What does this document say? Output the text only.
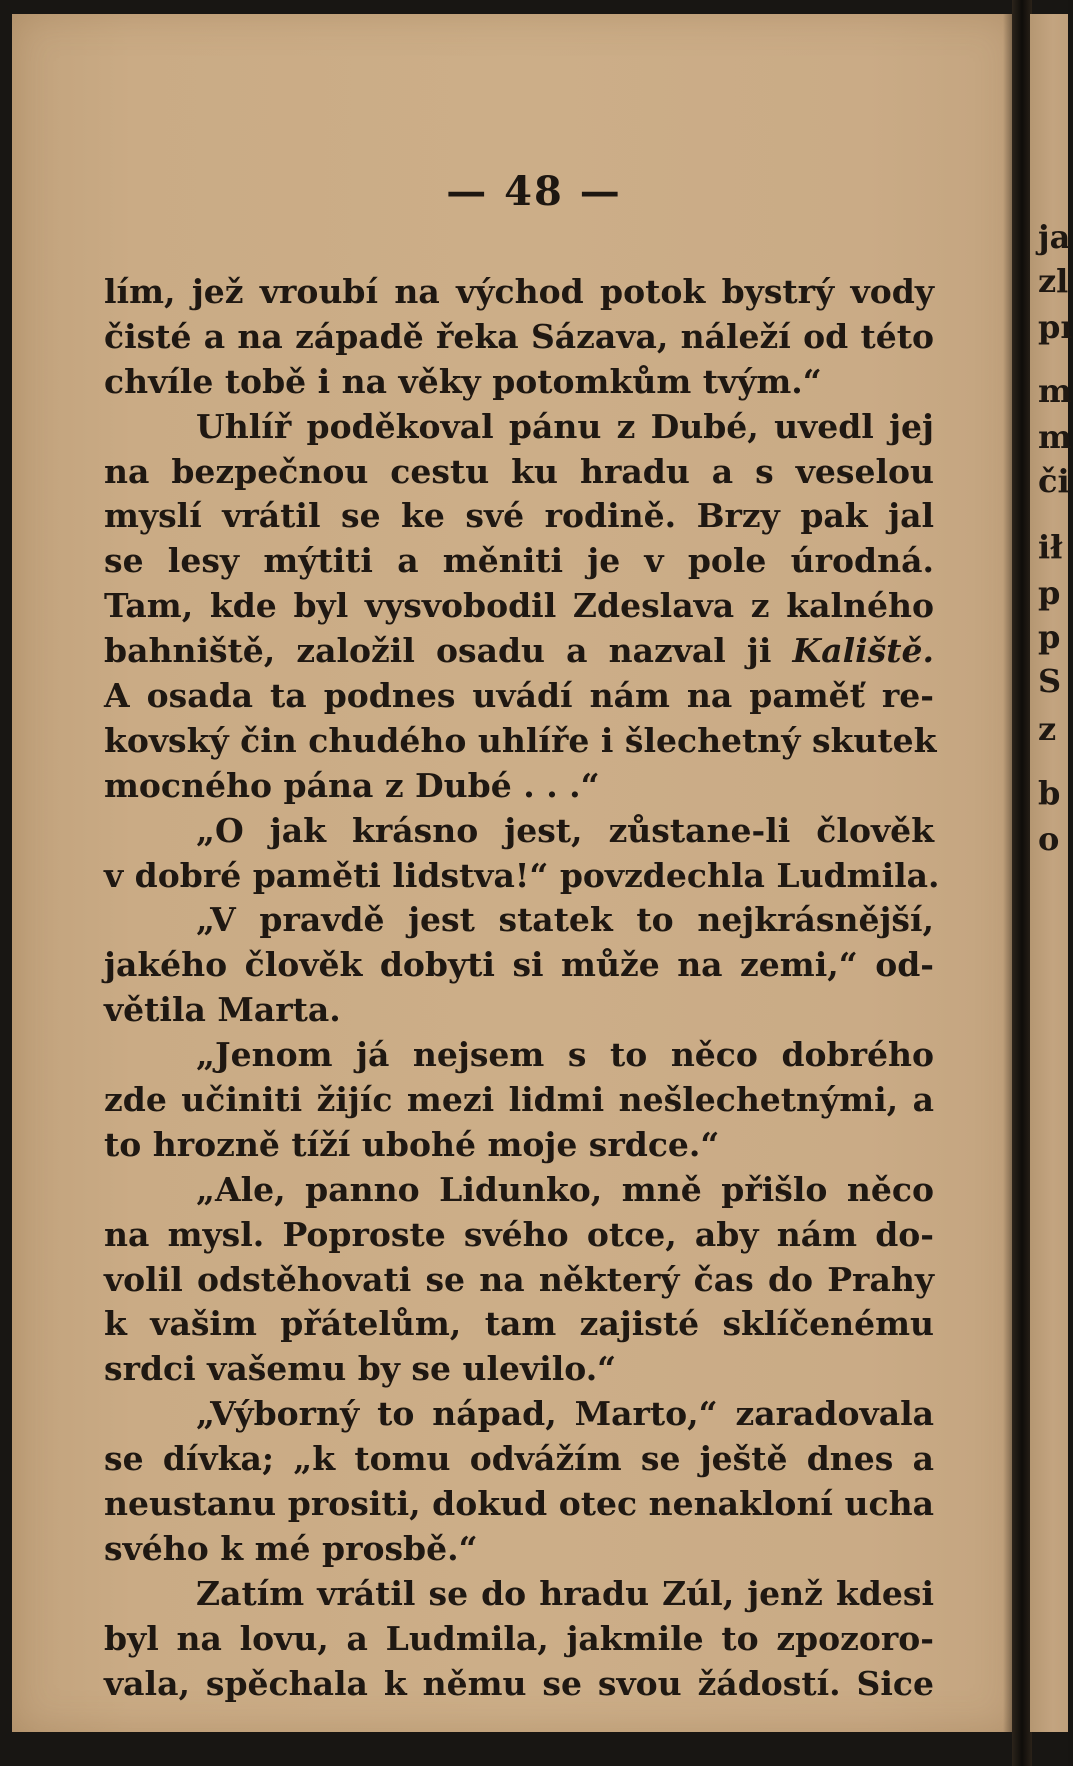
ja
zl
pı
m
m
či
ił
p
p
S
z
b
o
— 48 —
lím, jež vroubí na východ potok bystrý vody
čisté a na západě řeka Sázava, náleží od této
chvíle tobě i na věky potomkům tvým.“
Uhlíř poděkoval pánu z Dubé, uvedl jej
na bezpečnou cestu ku hradu a s veselou
myslí vrátil se ke své rodině. Brzy pak jal
se lesy mýtiti a měniti je v pole úrodná.
Tam, kde byl vysvobodil Zdeslava z kalného
bahniště, založil osadu a nazval ji Kaliště.
A osada ta podnes uvádí nám na paměť re-
kovský čin chudého uhlíře i šlechetný skutek
mocného pána z Dubé . . .“
„O jak krásno jest, zůstane-li člověk
v dobré paměti lidstva!“ povzdechla Ludmila.
„V pravdě jest statek to nejkrásnější,
jakého člověk dobyti si může na zemi,“ od-
větila Marta.
„Jenom já nejsem s to něco dobrého
zde učiniti žijíc mezi lidmi nešlechetnými, a
to hrozně tíží ubohé moje srdce.“
„Ale, panno Lidunko, mně přišlo něco
na mysl. Poproste svého otce, aby nám do-
volil odstěhovati se na některý čas do Prahy
k vašim přátelům, tam zajisté sklíčenému
srdci vašemu by se ulevilo.“
„Výborný to nápad, Marto,“ zaradovala
se dívka; „k tomu odvážím se ještě dnes a
neustanu prositi, dokud otec nenakloní ucha
svého k mé prosbě.“
Zatím vrátil se do hradu Zúl, jenž kdesi
byl na lovu, a Ludmila, jakmile to zpozoro-
vala, spěchala k němu se svou žádostí. Sice
